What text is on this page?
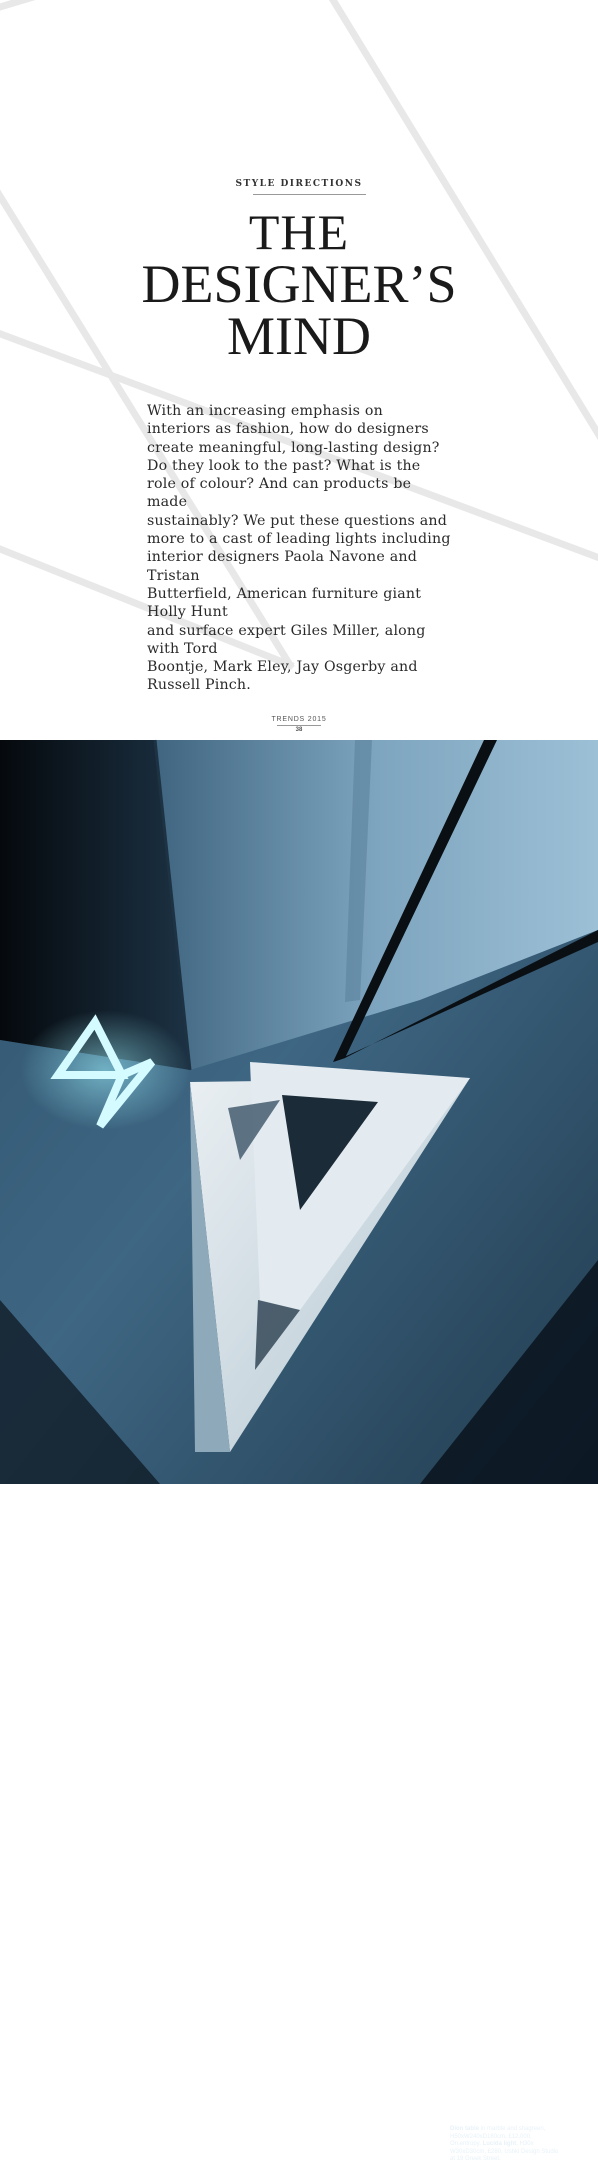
STYLE DIRECTIONS
THE
DESIGNER’S
MIND
With an increasing emphasis on
interiors as fashion, how do designers
create meaningful, long-lasting design?
Do they look to the past? What is the
role of colour? And can products be made
sustainably? We put these questions and
more to a cast of leading lights including
interior designers Paola Navone and Tristan
Butterfield, American furniture giant Holly Hunt
and surface expert Giles Miller, along with Tord
Boontje, Mark Eley, Jay Osgerby and Russell Pinch.
TRENDS 2015
38
Dion table in marble and shagreen, H50xW240xD180cm, £12,000, On.entropy. Lucida light, H30x W30xD30cm, £280, Ushki Design Studio at 19 Greek Street.
